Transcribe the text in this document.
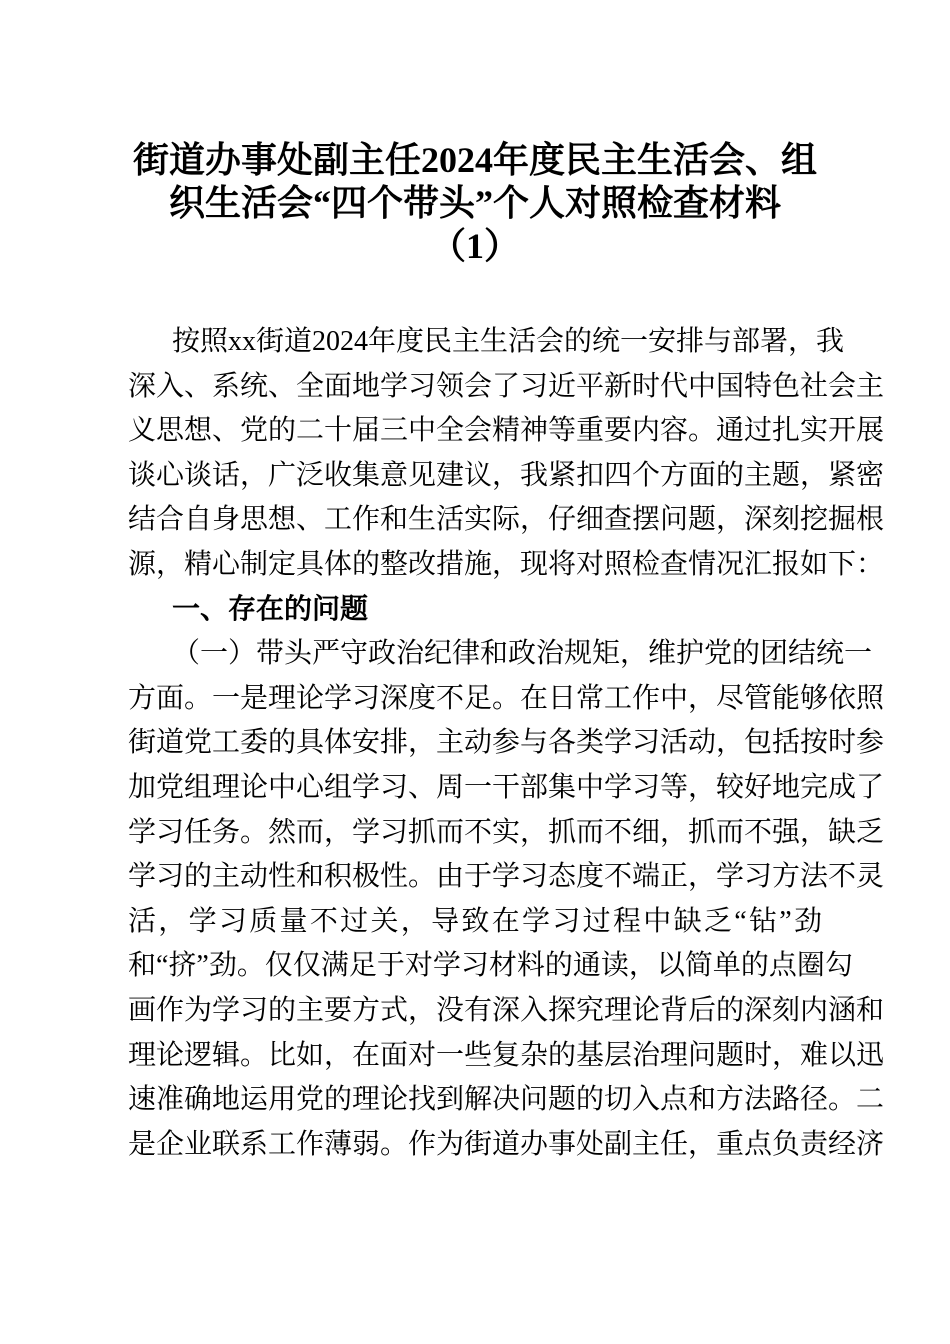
街道办事处副主任2024年度民主生活会、组
织生活会“四个带头”个人对照检查材料
（1）
按照xx街道2024年度民主生活会的统一安排与部署，我
深入、系统、全面地学习领会了习近平新时代中国特色社会主
义思想、党的二十届三中全会精神等重要内容。通过扎实开展
谈心谈话，广泛收集意见建议，我紧扣四个方面的主题，紧密
结合自身思想、工作和生活实际，仔细查摆问题，深刻挖掘根
源，精心制定具体的整改措施，现将对照检查情况汇报如下：
一、存在的问题
（一）带头严守政治纪律和政治规矩，维护党的团结统一
方面。一是理论学习深度不足。在日常工作中，尽管能够依照
街道党工委的具体安排，主动参与各类学习活动，包括按时参
加党组理论中心组学习、周一干部集中学习等，较好地完成了
学习任务。然而，学习抓而不实，抓而不细，抓而不强，缺乏
学习的主动性和积极性。由于学习态度不端正，学习方法不灵
活，学习质量不过关，导致在学习过程中缺乏“钻”劲
和“挤”劲。仅仅满足于对学习材料的通读，以简单的点圈勾
画作为学习的主要方式，没有深入探究理论背后的深刻内涵和
理论逻辑。比如，在面对一些复杂的基层治理问题时，难以迅
速准确地运用党的理论找到解决问题的切入点和方法路径。二
是企业联系工作薄弱。作为街道办事处副主任，重点负责经济
